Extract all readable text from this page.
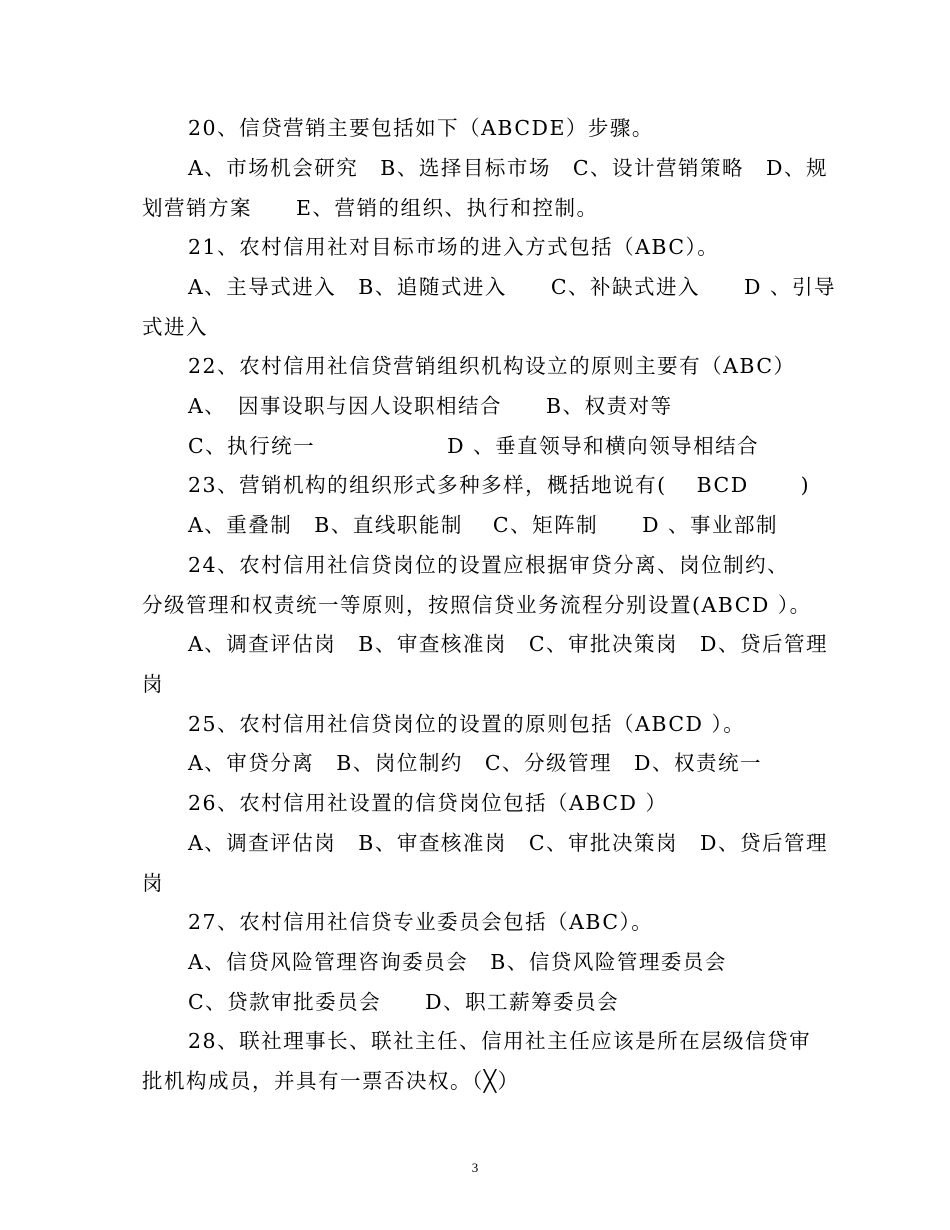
20、信贷营销主要包括如下（ABCDE）步骤。
A、市场机会研究　B、选择目标市场　C、设计营销策略　D、规
划营销方案　　E、营销的组织、执行和控制。
21、农村信用社对目标市场的进入方式包括（ABC）。
A、主导式进入　B、追随式进入　　C、补缺式进入　　D 、引导
式进入
22、农村信用社信贷营销组织机构设立的原则主要有（ABC）
A、　因事设职与因人设职相结合　　B、权责对等
C、执行统一　　　　　　D 、垂直领导和横向领导相结合
23、营销机构的组织形式多种多样，概括地说有(　 BCD　　 )
A、重叠制　B、直线职能制　 C、矩阵制　　D 、事业部制
24、农村信用社信贷岗位的设置应根据审贷分离、岗位制约、
分级管理和权责统一等原则，按照信贷业务流程分别设置(ABCD ）。
A、调查评估岗　B、审查核准岗　C、审批决策岗　D、贷后管理
岗
25、农村信用社信贷岗位的设置的原则包括（ABCD ）。
A、审贷分离　B、岗位制约　C、分级管理　D、权责统一
26、农村信用社设置的信贷岗位包括（ABCD ）
A、调查评估岗　B、审查核准岗　C、审批决策岗　D、贷后管理
岗
27、农村信用社信贷专业委员会包括（ABC）。
A、信贷风险管理咨询委员会　B、信贷风险管理委员会
C、贷款审批委员会　　D、职工薪筹委员会
28、联社理事长、联社主任、信用社主任应该是所在层级信贷审
批机构成员，并具有一票否决权。（╳）
3
